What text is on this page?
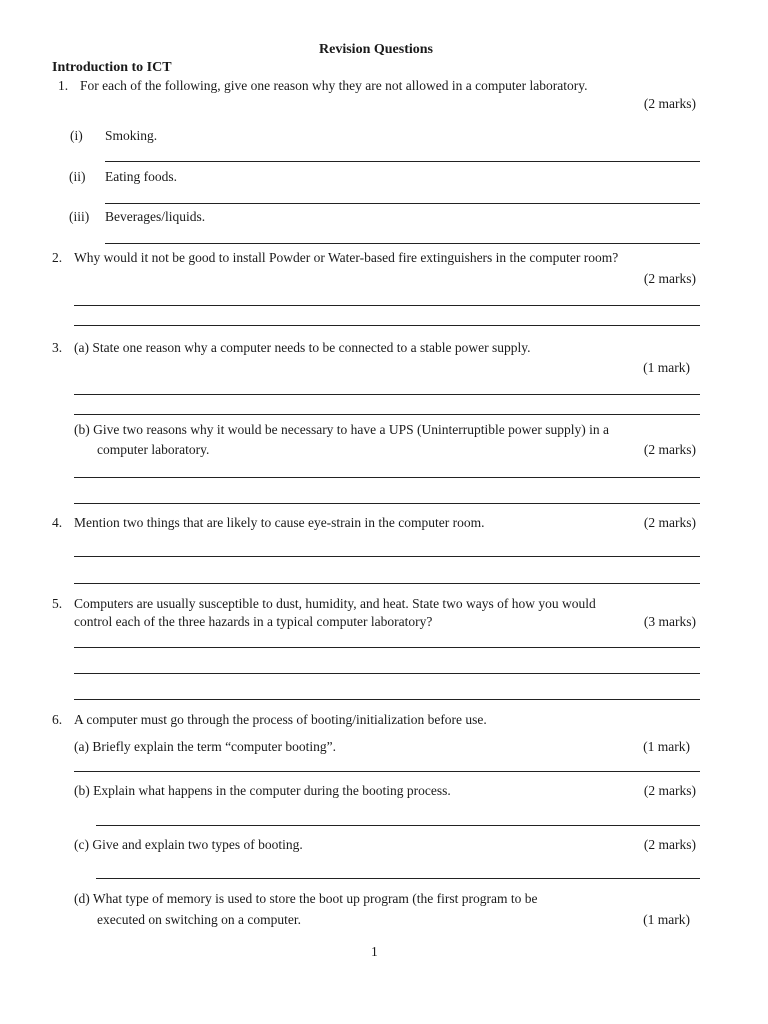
Revision Questions
Introduction to ICT
1. For each of the following, give one reason why they are not allowed in a computer laboratory.
(2 marks)
(i) Smoking.
(ii) Eating foods.
(iii) Beverages/liquids.
2. Why would it not be good to install Powder or Water-based fire extinguishers in the computer room?
(2 marks)
3. (a) State one reason why a computer needs to be connected to a stable power supply.
(1 mark)
(b) Give two reasons why it would be necessary to have a UPS (Uninterruptible power supply) in a
computer laboratory.	(2 marks)
4. Mention two things that are likely to cause eye-strain in the computer room.	(2 marks)
5. Computers are usually susceptible to dust, humidity, and heat. State two ways of how you would
control each of the three hazards in a typical computer laboratory?	(3 marks)
6. A computer must go through the process of booting/initialization before use.
(a) Briefly explain the term “computer booting”.	(1 mark)
(b) Explain what happens in the computer during the booting process.	(2 marks)
(c) Give and explain two types of booting.	(2 marks)
(d) What type of memory is used to store the boot up program (the first program to be
executed on switching on a computer.	(1 mark)
1
